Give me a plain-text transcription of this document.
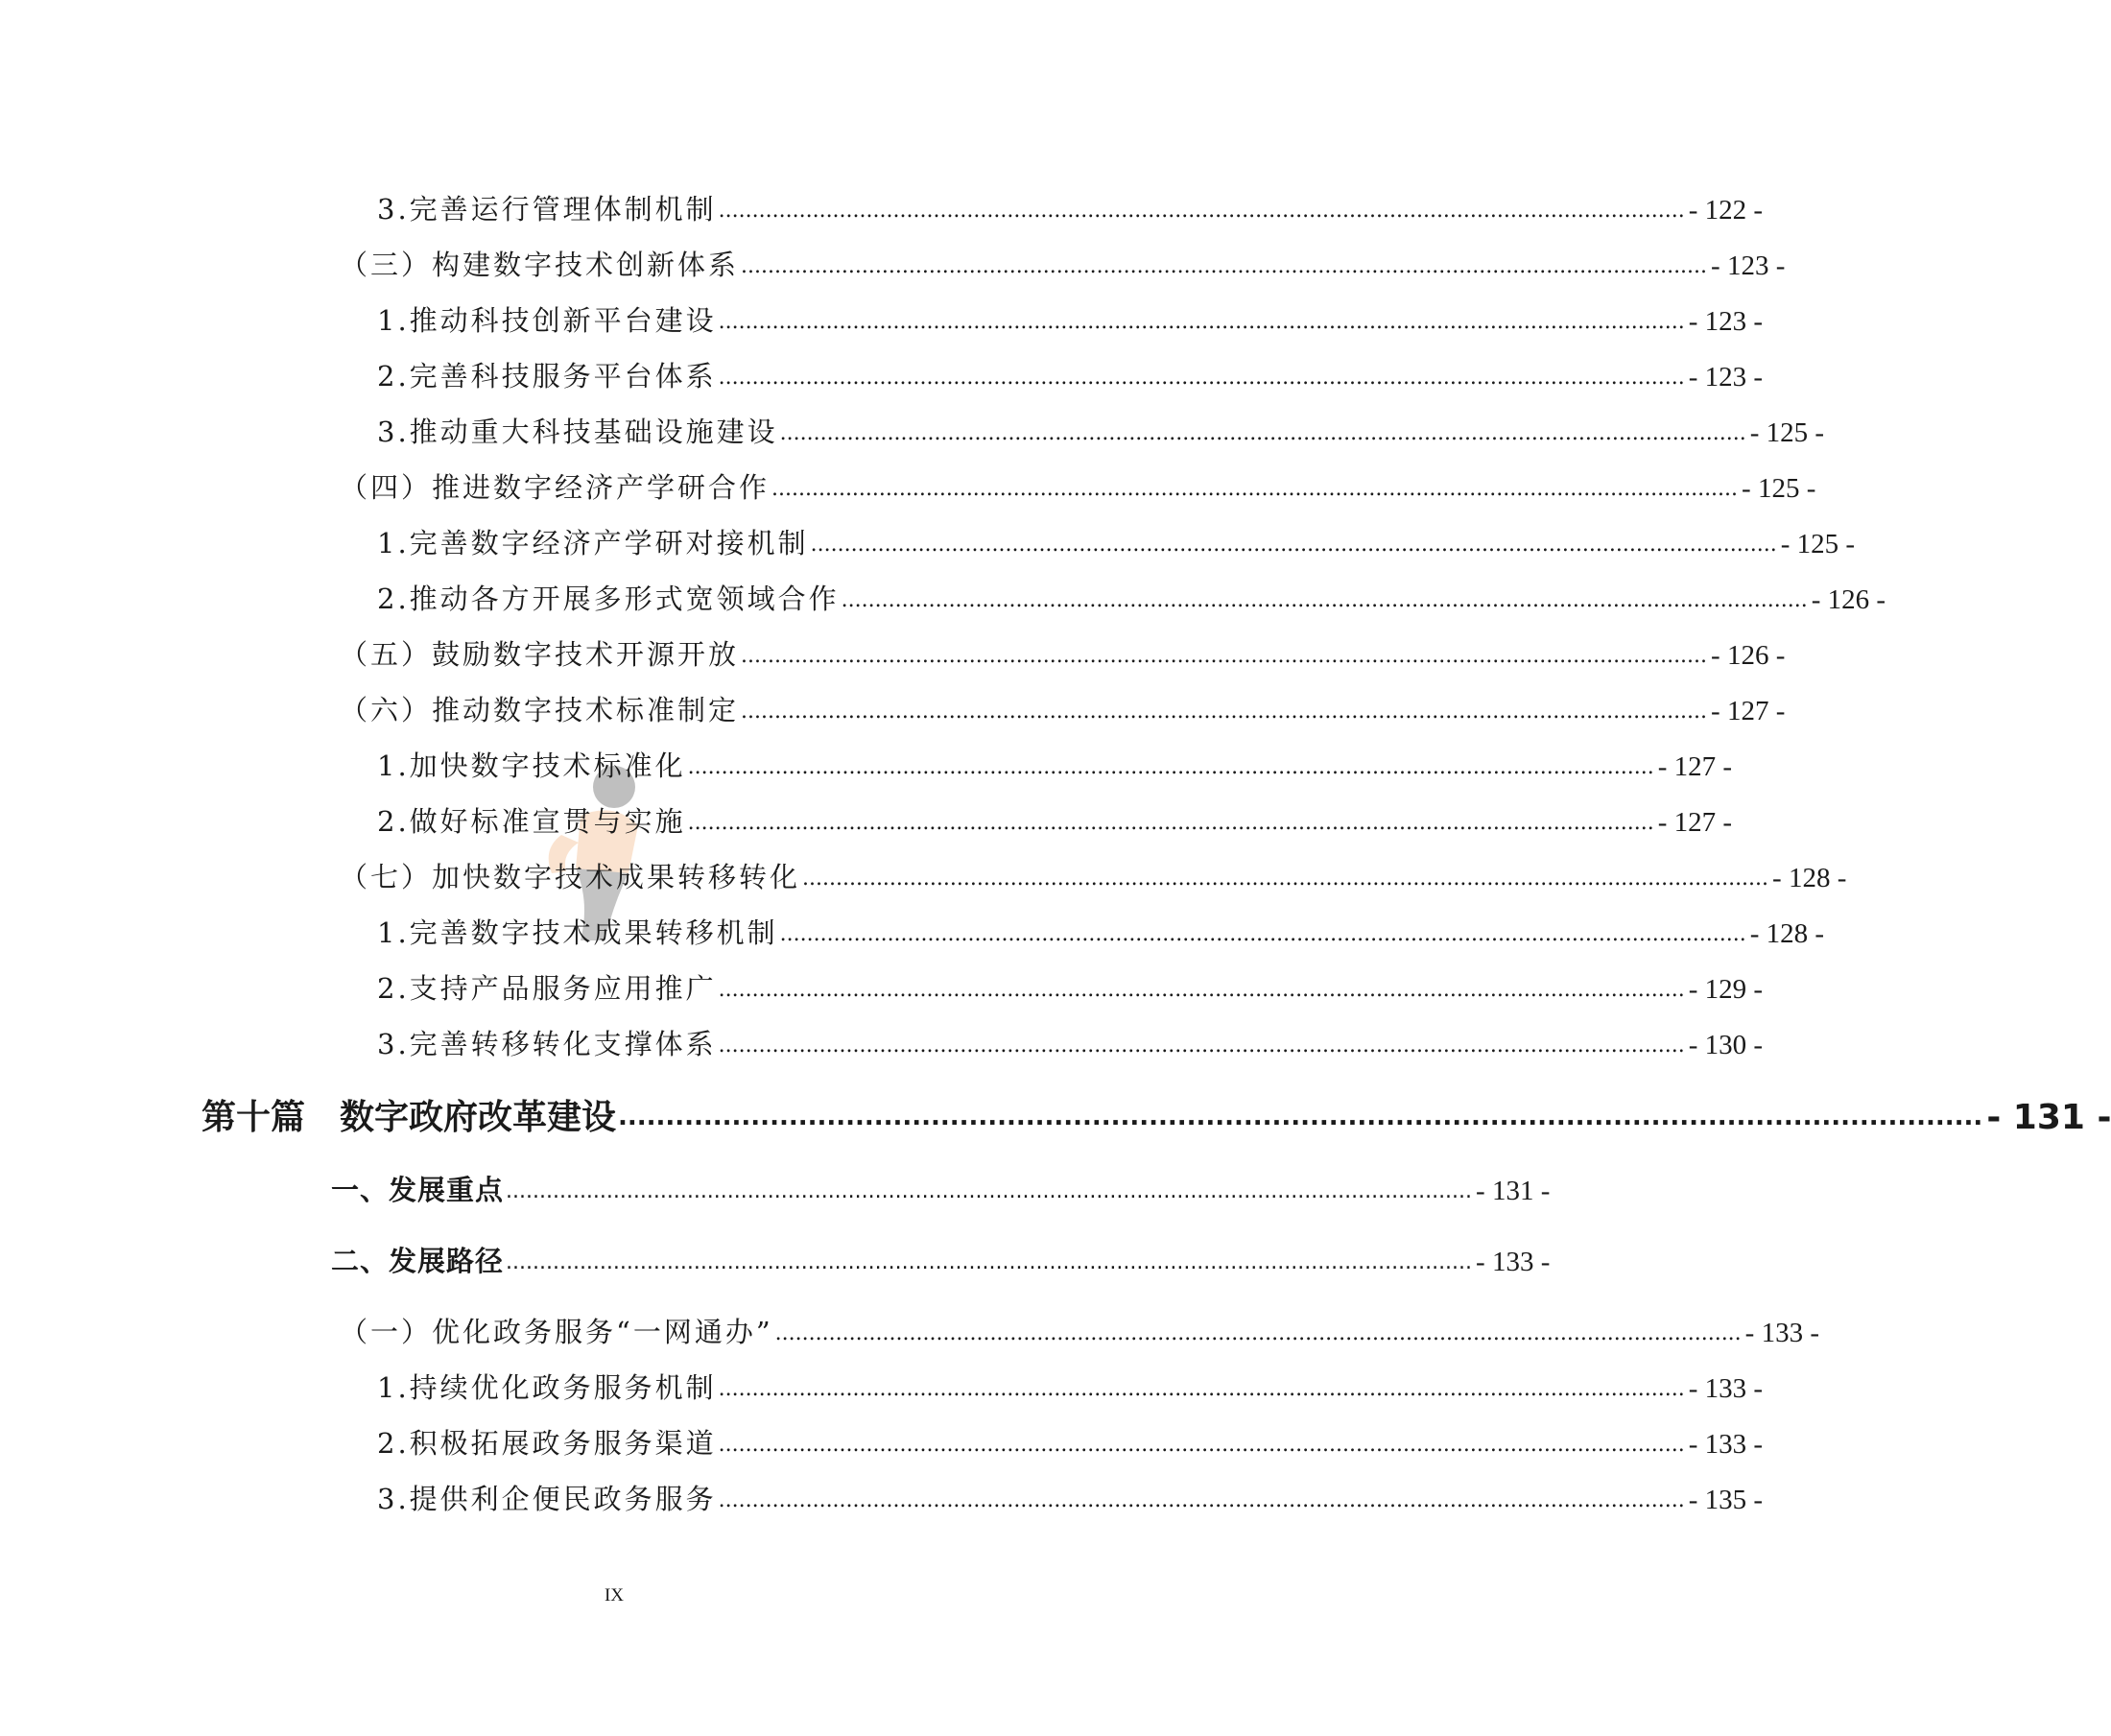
3.完善运行管理体制机制 ................................................................................................................................................ - 122 -
（三）构建数字技术创新体系 ................................................................................................................................................ - 123 -
1.推动科技创新平台建设 ................................................................................................................................................ - 123 -
2.完善科技服务平台体系 ................................................................................................................................................ - 123 -
3.推动重大科技基础设施建设 ................................................................................................................................................ - 125 -
（四）推进数字经济产学研合作 ................................................................................................................................................ - 125 -
1.完善数字经济产学研对接机制 ................................................................................................................................................ - 125 -
2.推动各方开展多形式宽领域合作 ................................................................................................................................................ - 126 -
（五）鼓励数字技术开源开放 ................................................................................................................................................ - 126 -
（六）推动数字技术标准制定 ................................................................................................................................................ - 127 -
1.加快数字技术标准化 ................................................................................................................................................ - 127 -
2.做好标准宣贯与实施 ................................................................................................................................................ - 127 -
（七）加快数字技术成果转移转化 ................................................................................................................................................ - 128 -
1.完善数字技术成果转移机制 ................................................................................................................................................ - 128 -
2.支持产品服务应用推广 ................................................................................................................................................ - 129 -
3.完善转移转化支撑体系 ................................................................................................................................................ - 130 -
第十篇 数字政府改革建设 ................................................................................................................................................ - 131 -
一、发展重点 ................................................................................................................................................ - 131 -
二、发展路径 ................................................................................................................................................ - 133 -
（一）优化政务服务“一网通办” ................................................................................................................................................ - 133 -
1.持续优化政务服务机制 ................................................................................................................................................ - 133 -
2.积极拓展政务服务渠道 ................................................................................................................................................ - 133 -
3.提供利企便民政务服务 ................................................................................................................................................ - 135 -
IX
